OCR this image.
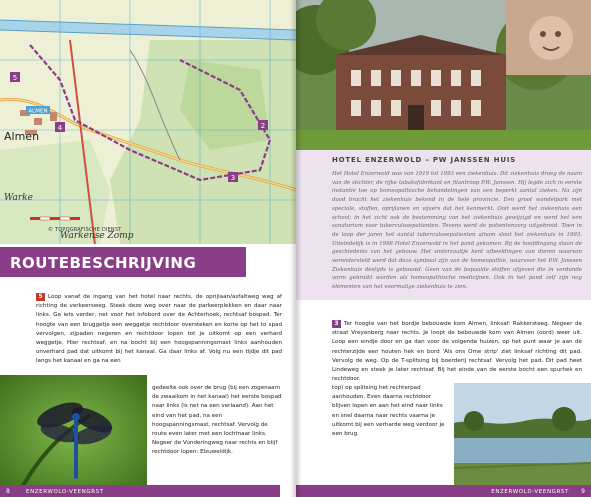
5
4
3
2
ALMEN
Almen
Warke
Warkense Zomp
© TOPOGRAFISCHE DIENST
ROUTEBESCHRIJVING

5 Loop vanaf de ingang van het hotel naar rechts, de oprijlaan/asfaltweg weg af richting de verkeersweg. Steek deze weg over naar de parkeerplekken en daar naar links. Ga iets verder, net voor het infobord over de Achterhoek, rechtsaf bospad. Ter hoogte van een bruggetje een weggetje rechtdoor oversteken en korte op het to spad vervolgen, zijpaden negeren en rechtdoor lopen tot je uitkomt op een verhard weggetje. Hier rechtsaf, en na bocht bij een hoogspanningsmast links aanhouden onverhard pad dat uitkomt bij het kanaal. Ga daar links af. Volg nu een tijdje dit pad langs het kanaal en ga na een

gedeelte ook over de brug (bij een zogenaam de zwaaikom in het kanaal) het eerste bospad naar links (is net na een verlaand). Aan het eind van het pad, na een hoogspanningsmast, rechtsaf. Vervolg de route even later met een lochtnaar links. Negeer de Vunderingweg naar rechts en blijf rechtdoor lopen: Elzuweidijk.

8	ENZERWOLD-VEENGRST
HOTEL ENZERWOLD – PW JANSSEN HUIS

Het Hotel Enzerwold was van 1919 tot 1993 een ziekenhuis. Dit ziekenhuis droeg de naam van de stichter, de rijke tabaksfabrikant en filantroop P.W. Janssen. Hij legde zich in eerste instantie toe op homeopathische behandelingen van een beperkt aantal zieken. Na zijn dood bracht het ziekenhuis bekend in de hele provincie. Een groot wandelpark met speciale, stoffen, oprijlanen en vijvers dat het kenmerkt. Ooit werd het ziekenhuis een school; in het zicht ook de bestemming van het ziekenhuis gewijzigd en werd het een sanatorium voor tuberculosepatienten. Tevens werd de patientenzorg uitgebreid. Toen in de loop der jaren het aantal tuberculosepatienten afnam sloot het ziekenhuis in 1993. Uiteindelijk is in 1998 Hotel Enzerwold in het pand gekomen. Bij de hoofdingang staan de geschiedenis van het gebouw. Het sinterzaaltje kent afbeeldingen van dieren waarvan verondersteld werd dat deze symbool zijn van de homeopathie, waarvoor het P.W. Janssen Ziekenhuis destijds is gebouwd. Geen van de bepaalde stoffen afgeven die in verdunde vorm gebruikt worden als homeopathische medicijnen. Ook in het pand zelf zijn nog elementen van het voormalige ziekenhuis te zien.

3 Ter hoogte van het bordje bebouwde kom Almen, linksaf: Rakkersteeg. Negeer de straat Vreyenberg naar rechts. Je loopt de bebouwde kom van Almen (oord) weer uit. Loop een eindje door en ga dan voor de volgende huizen, op het punt waar je aan de rechterzijde een houten hek en bord 'Als ons Ome strip' ziet linksaf richting dit pad. Vervolg de weg. Op de T-splitsing bij boerderij rechtsaf. Vervolg het pad. Dit pad heet Lindeweg en steek je later rechtsaf. Bij het einde van de eerste bocht een spurhek en rechtdoor.

top) op splitsing het rechterpad aanhouden. Even daarna rechtdoor blijven lopen en aan het eind naar links en snel daarna naar rechts vaarna je uitkomt bij een verharde weg verdoor je een brug.

ENZERWOLD-VEENGRST 9
